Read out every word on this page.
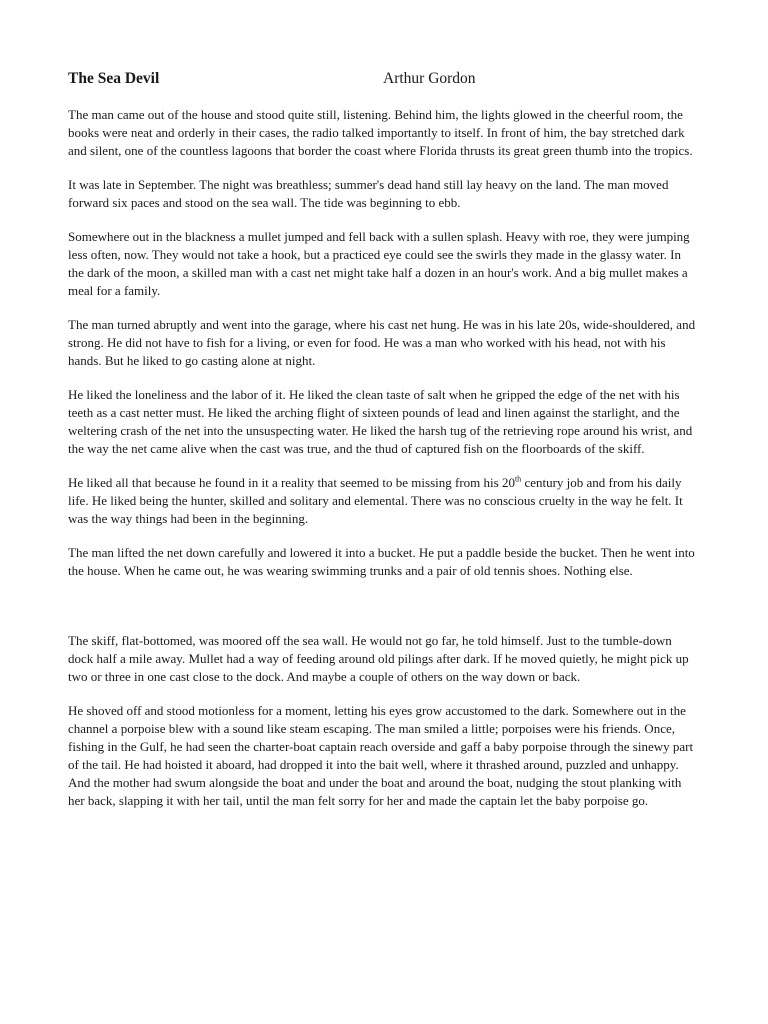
The Sea Devil	Arthur Gordon

The man came out of the house and stood quite still, listening. Behind him, the lights glowed in the cheerful room, the books were neat and orderly in their cases, the radio talked importantly to itself. In front of him, the bay stretched dark and silent, one of the countless lagoons that border the coast where Florida thrusts its great green thumb into the tropics.

It was late in September. The night was breathless; summer's dead hand still lay heavy on the land. The man moved forward six paces and stood on the sea wall. The tide was beginning to ebb.

Somewhere out in the blackness a mullet jumped and fell back with a sullen splash. Heavy with roe, they were jumping less often, now. They would not take a hook, but a practiced eye could see the swirls they made in the glassy water. In the dark of the moon, a skilled man with a cast net might take half a dozen in an hour's work. And a big mullet makes a meal for a family.

The man turned abruptly and went into the garage, where his cast net hung. He was in his late 20s, wide-shouldered, and strong. He did not have to fish for a living, or even for food. He was a man who worked with his head, not with his hands. But he liked to go casting alone at night.

He liked the loneliness and the labor of it. He liked the clean taste of salt when he gripped the edge of the net with his teeth as a cast netter must. He liked the arching flight of sixteen pounds of lead and linen against the starlight, and the weltering crash of the net into the unsuspecting water. He liked the harsh tug of the retrieving rope around his wrist, and the way the net came alive when the cast was true, and the thud of captured fish on the floorboards of the skiff.

He liked all that because he found in it a reality that seemed to be missing from his 20th century job and from his daily life. He liked being the hunter, skilled and solitary and elemental. There was no conscious cruelty in the way he felt. It was the way things had been in the beginning.

The man lifted the net down carefully and lowered it into a bucket. He put a paddle beside the bucket. Then he went into the house. When he came out, he was wearing swimming trunks and a pair of old tennis shoes. Nothing else.

The skiff, flat-bottomed, was moored off the sea wall. He would not go far, he told himself. Just to the tumble-down dock half a mile away. Mullet had a way of feeding around old pilings after dark. If he moved quietly, he might pick up two or three in one cast close to the dock. And maybe a couple of others on the way down or back.

He shoved off and stood motionless for a moment, letting his eyes grow accustomed to the dark. Somewhere out in the channel a porpoise blew with a sound like steam escaping. The man smiled a little; porpoises were his friends. Once, fishing in the Gulf, he had seen the charter-boat captain reach overside and gaff a baby porpoise through the sinewy part of the tail. He had hoisted it aboard, had dropped it into the bait well, where it thrashed around, puzzled and unhappy. And the mother had swum alongside the boat and under the boat and around the boat, nudging the stout planking with her back, slapping it with her tail, until the man felt sorry for her and made the captain let the baby porpoise go.
